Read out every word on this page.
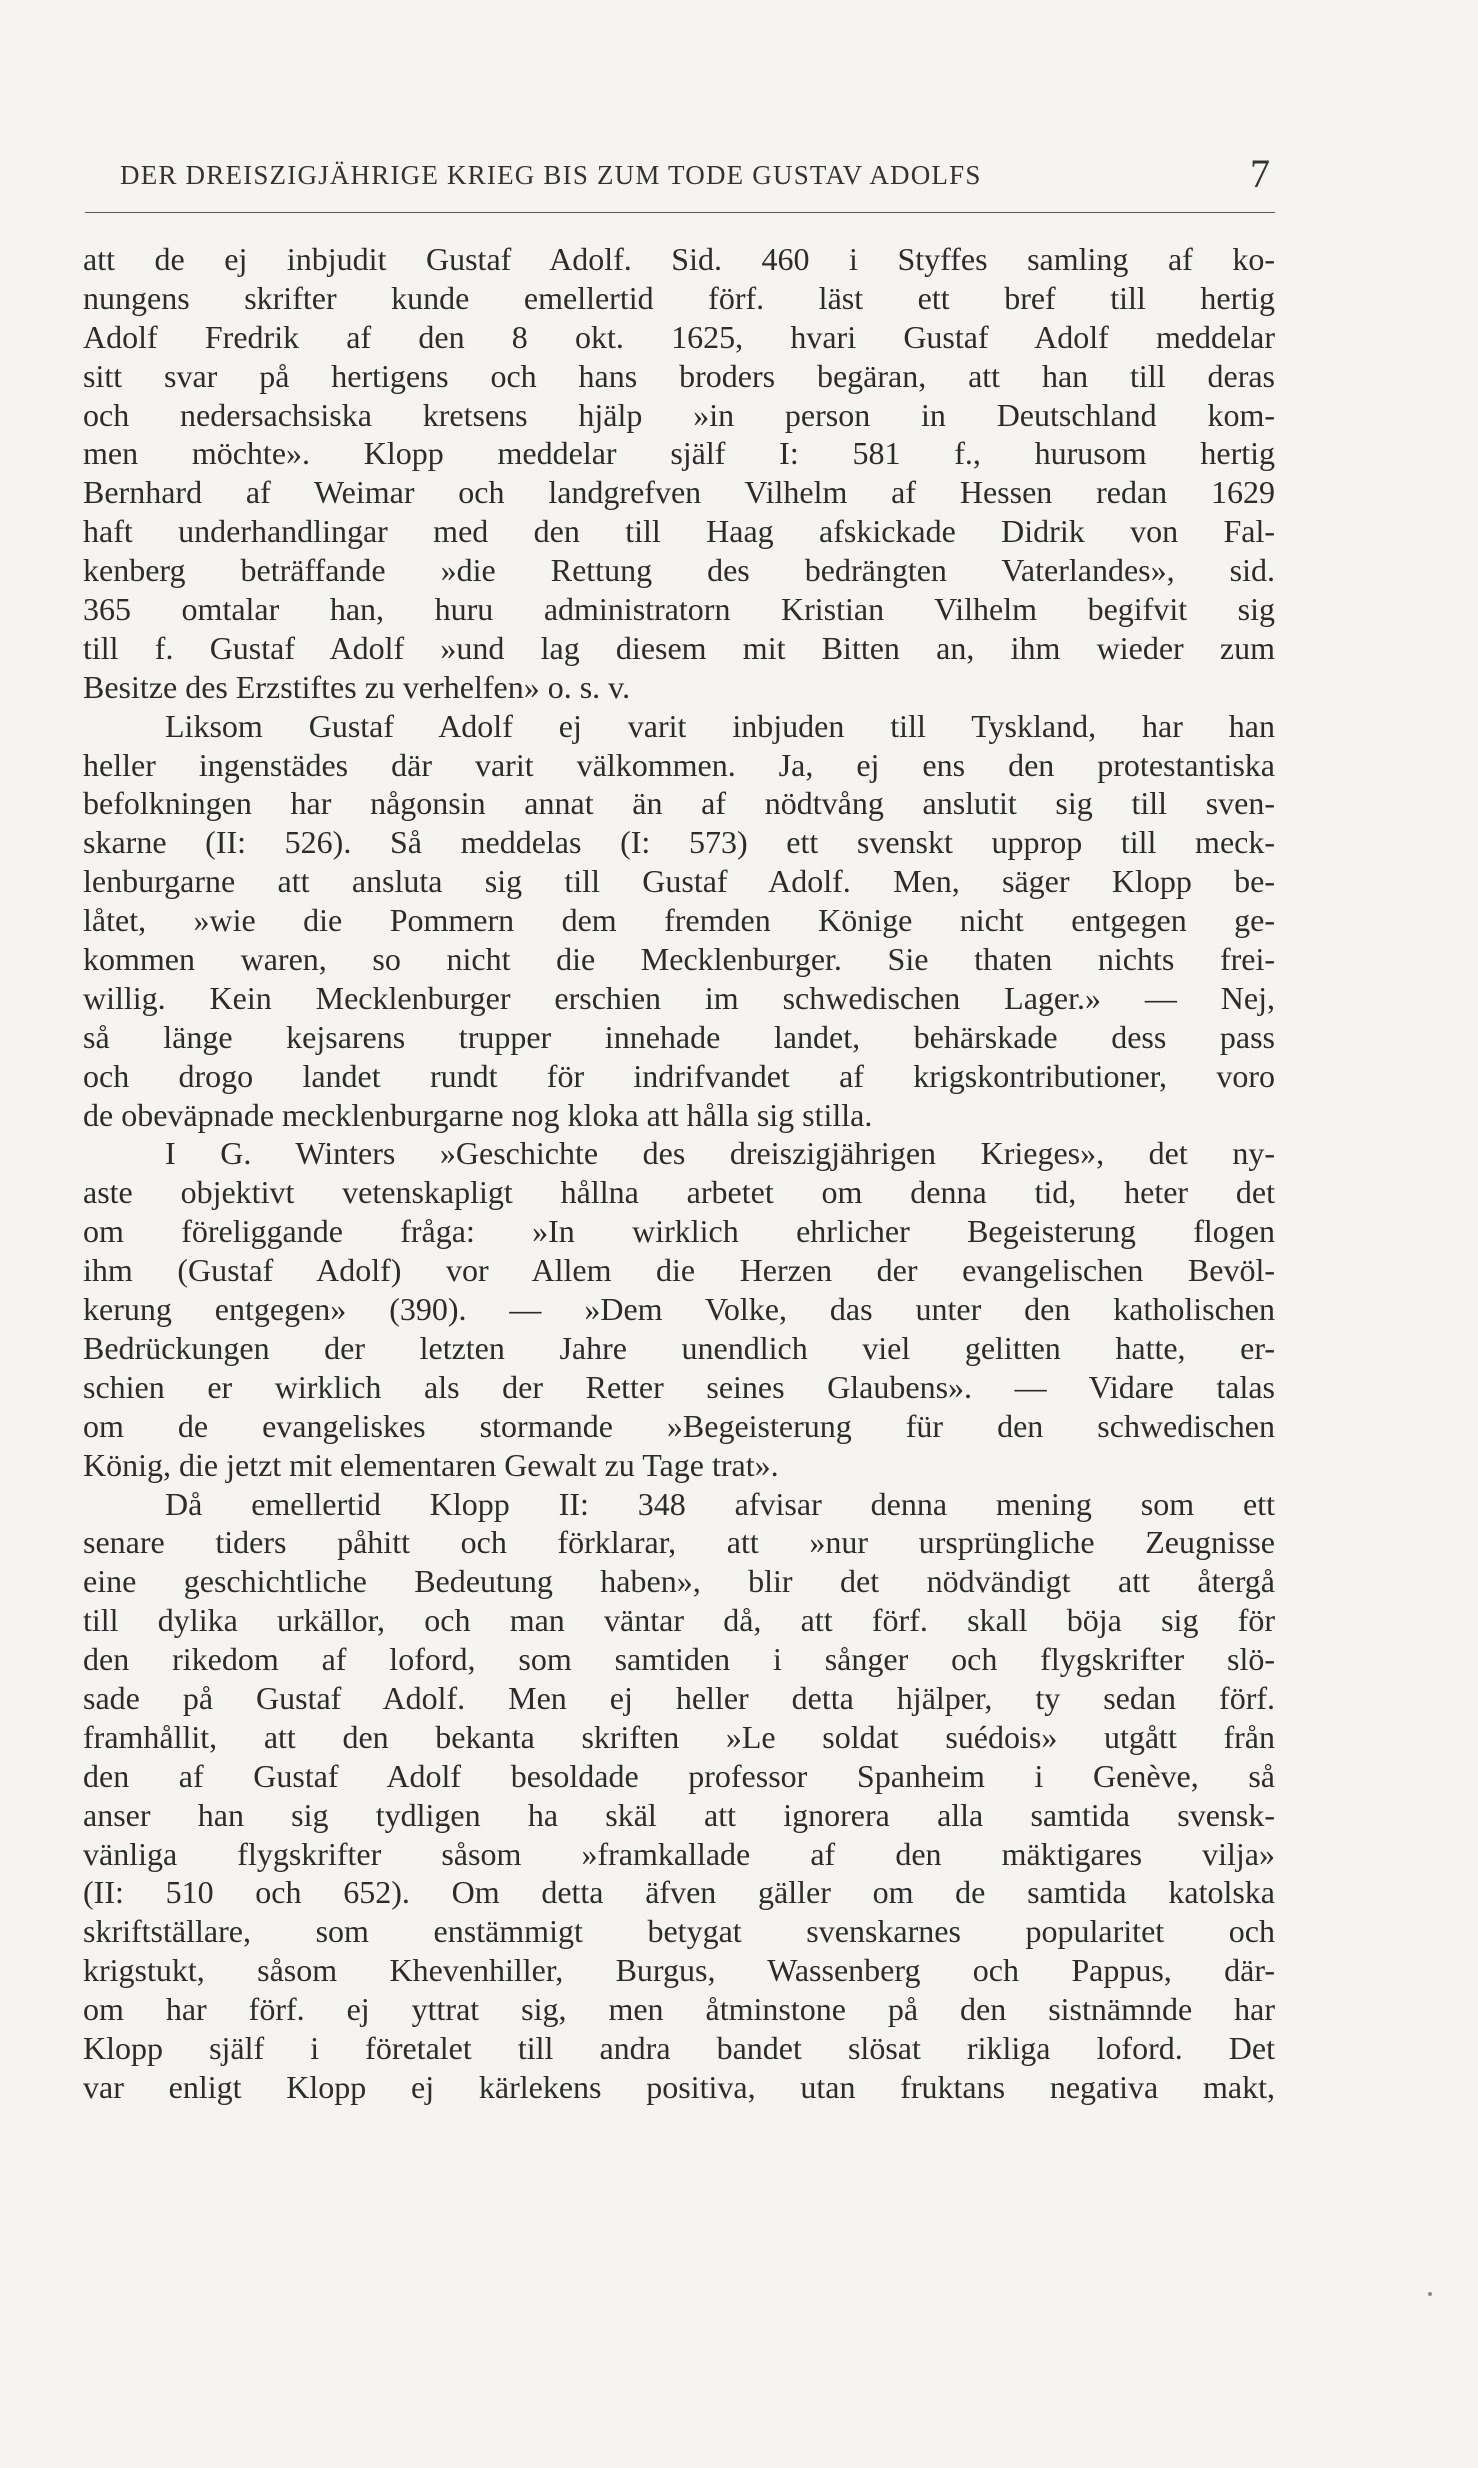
DER DREISZIGJÄHRIGE KRIEG BIS ZUM TODE GUSTAV ADOLFS	7
att de ej inbjudit Gustaf Adolf. Sid. 460 i Styffes samling af ko-
nungens skrifter kunde emellertid förf. läst ett bref till hertig
Adolf Fredrik af den 8 okt. 1625, hvari Gustaf Adolf meddelar
sitt svar på hertigens och hans broders begäran, att han till deras
och nedersachsiska kretsens hjälp »in person in Deutschland kom-
men möchte». Klopp meddelar själf I: 581 f., hurusom hertig
Bernhard af Weimar och landgrefven Vilhelm af Hessen redan 1629
haft underhandlingar med den till Haag afskickade Didrik von Fal-
kenberg beträffande »die Rettung des bedrängten Vaterlandes», sid.
365 omtalar han, huru administratorn Kristian Vilhelm begifvit sig
till f. Gustaf Adolf »und lag diesem mit Bitten an, ihm wieder zum
Besitze des Erzstiftes zu verhelfen» o. s. v.
Liksom Gustaf Adolf ej varit inbjuden till Tyskland, har han
heller ingenstädes där varit välkommen. Ja, ej ens den protestantiska
befolkningen har någonsin annat än af nödtvång anslutit sig till sven-
skarne (II: 526). Så meddelas (I: 573) ett svenskt upprop till meck-
lenburgarne att ansluta sig till Gustaf Adolf. Men, säger Klopp be-
låtet, »wie die Pommern dem fremden Könige nicht entgegen ge-
kommen waren, so nicht die Mecklenburger. Sie thaten nichts frei-
willig. Kein Mecklenburger erschien im schwedischen Lager.» — Nej,
så länge kejsarens trupper innehade landet, behärskade dess pass
och drogo landet rundt för indrifvandet af krigskontributioner, voro
de obeväpnade mecklenburgarne nog kloka att hålla sig stilla.
I G. Winters »Geschichte des dreiszigjährigen Krieges», det ny-
aste objektivt vetenskapligt hållna arbetet om denna tid, heter det
om föreliggande fråga: »In wirklich ehrlicher Begeisterung flogen
ihm (Gustaf Adolf) vor Allem die Herzen der evangelischen Bevöl-
kerung entgegen» (390). — »Dem Volke, das unter den katholischen
Bedrückungen der letzten Jahre unendlich viel gelitten hatte, er-
schien er wirklich als der Retter seines Glaubens». — Vidare talas
om de evangeliskes stormande »Begeisterung für den schwedischen
König, die jetzt mit elementaren Gewalt zu Tage trat».
Då emellertid Klopp II: 348 afvisar denna mening som ett
senare tiders påhitt och förklarar, att »nur ursprüngliche Zeugnisse
eine geschichtliche Bedeutung haben», blir det nödvändigt att återgå
till dylika urkällor, och man väntar då, att förf. skall böja sig för
den rikedom af loford, som samtiden i sånger och flygskrifter slö-
sade på Gustaf Adolf. Men ej heller detta hjälper, ty sedan förf.
framhållit, att den bekanta skriften »Le soldat suédois» utgått från
den af Gustaf Adolf besoldade professor Spanheim i Genève, så
anser han sig tydligen ha skäl att ignorera alla samtida svensk-
vänliga flygskrifter såsom »framkallade af den mäktigares vilja»
(II: 510 och 652). Om detta äfven gäller om de samtida katolska
skriftställare, som enstämmigt betygat svenskarnes popularitet och
krigstukt, såsom Khevenhiller, Burgus, Wassenberg och Pappus, där-
om har förf. ej yttrat sig, men åtminstone på den sistnämnde har
Klopp själf i företalet till andra bandet slösat rikliga loford. Det
var enligt Klopp ej kärlekens positiva, utan fruktans negativa makt,
